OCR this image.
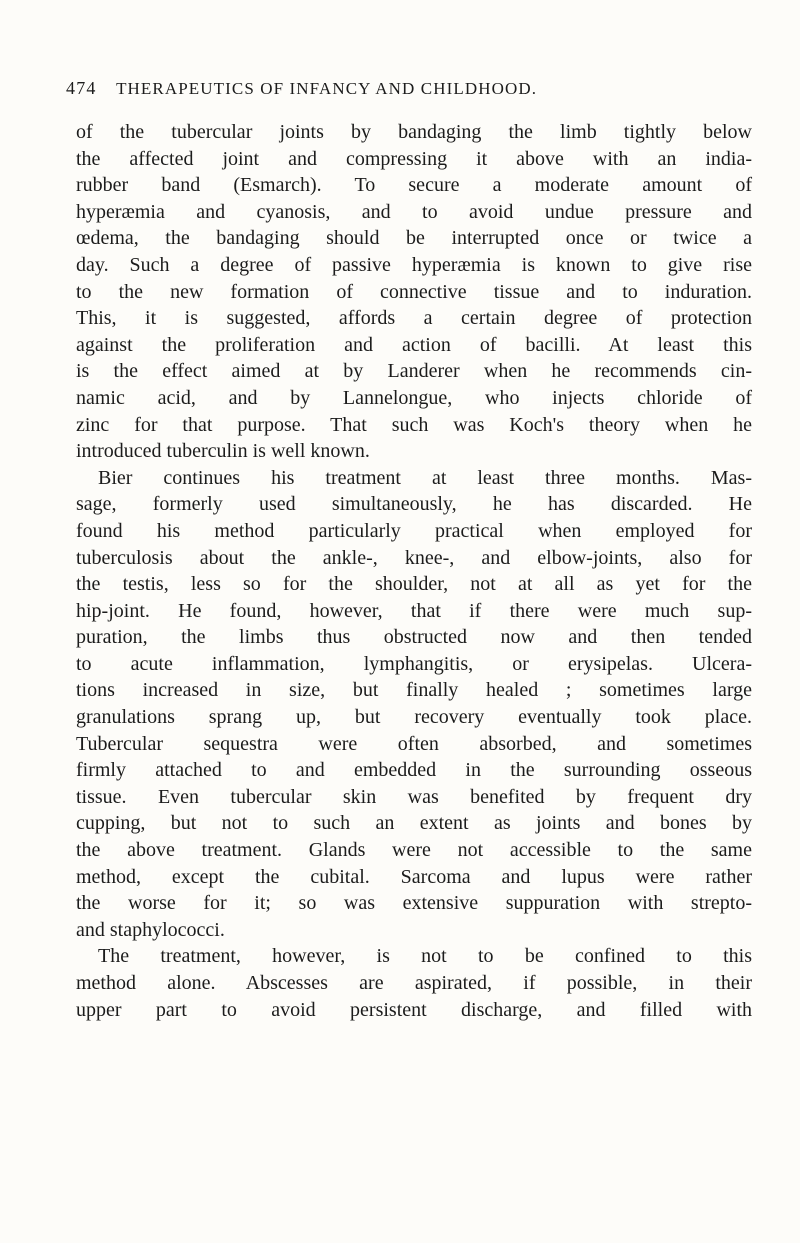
474 THERAPEUTICS OF INFANCY AND CHILDHOOD.
of the tubercular joints by bandaging the limb tightly below
the affected joint and compressing it above with an india-
rubber band (Esmarch). To secure a moderate amount of
hyperæmia and cyanosis, and to avoid undue pressure and
œdema, the bandaging should be interrupted once or twice a
day. Such a degree of passive hyperæmia is known to give rise
to the new formation of connective tissue and to induration.
This, it is suggested, affords a certain degree of protection
against the proliferation and action of bacilli. At least this
is the effect aimed at by Landerer when he recommends cin-
namic acid, and by Lannelongue, who injects chloride of
zinc for that purpose. That such was Koch's theory when he
introduced tuberculin is well known.
Bier continues his treatment at least three months. Mas-
sage, formerly used simultaneously, he has discarded. He
found his method particularly practical when employed for
tuberculosis about the ankle-, knee-, and elbow-joints, also for
the testis, less so for the shoulder, not at all as yet for the
hip-joint. He found, however, that if there were much sup-
puration, the limbs thus obstructed now and then tended
to acute inflammation, lymphangitis, or erysipelas. Ulcera-
tions increased in size, but finally healed ; sometimes large
granulations sprang up, but recovery eventually took place.
Tubercular sequestra were often absorbed, and sometimes
firmly attached to and embedded in the surrounding osseous
tissue. Even tubercular skin was benefited by frequent dry
cupping, but not to such an extent as joints and bones by
the above treatment. Glands were not accessible to the same
method, except the cubital. Sarcoma and lupus were rather
the worse for it; so was extensive suppuration with strepto-
and staphylococci.
The treatment, however, is not to be confined to this
method alone. Abscesses are aspirated, if possible, in their
upper part to avoid persistent discharge, and filled with
